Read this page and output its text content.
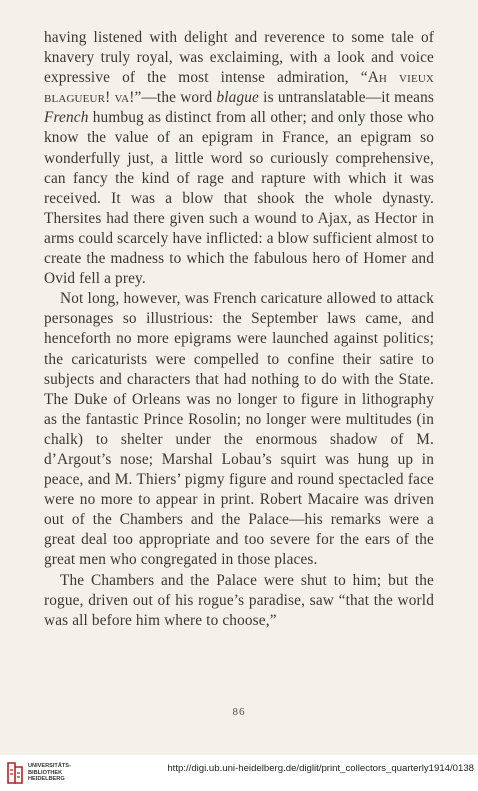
having listened with delight and reverence to some tale of knavery truly royal, was exclaiming, with a look and voice expressive of the most intense admiration, “Ah vieux blagueur! va!”—the word blague is untranslatable—it means French humbug as distinct from all other; and only those who know the value of an epigram in France, an epigram so wonderfully just, a little word so curiously comprehensive, can fancy the kind of rage and rapture with which it was received. It was a blow that shook the whole dynasty. Thersites had there given such a wound to Ajax, as Hector in arms could scarcely have inflicted: a blow sufficient almost to create the madness to which the fabulous hero of Homer and Ovid fell a prey.

Not long, however, was French caricature allowed to attack personages so illustrious: the September laws came, and henceforth no more epigrams were launched against politics; the caricaturists were compelled to confine their satire to subjects and characters that had nothing to do with the State. The Duke of Orleans was no longer to figure in lithography as the fantastic Prince Rosolin; no longer were multitudes (in chalk) to shelter under the enormous shadow of M. d’Argout’s nose; Marshal Lobau’s squirt was hung up in peace, and M. Thiers’ pigmy figure and round spectacled face were no more to appear in print. Robert Macaire was driven out of the Chambers and the Palace—his remarks were a great deal too appropriate and too severe for the ears of the great men who congregated in those places.

The Chambers and the Palace were shut to him; but the rogue, driven out of his rogue’s paradise, saw “that the world was all before him where to choose,”

86
UNIVERSITÄTS-
BIBLIOTHEK
HEIDELBERG
http://digi.ub.uni-heidelberg.de/diglit/print_collectors_quarterly1914/0138
